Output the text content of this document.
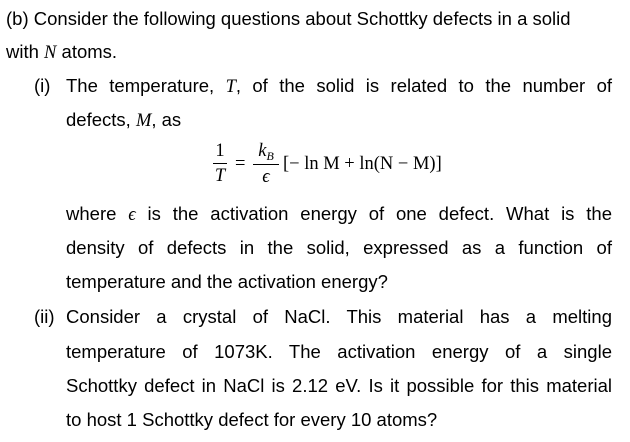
(b) Consider the following questions about Schottky defects in a solid
with N atoms.
(i) The temperature, T, of the solid is related to the number of
defects, M, as
1
T
=
$k_B$
ϵ
[− ln M + ln(N − M)]
where ϵ is the activation energy of one defect. What is the
density of defects in the solid, expressed as a function of
temperature and the activation energy?
(ii) Consider a crystal of NaCl. This material has a melting
temperature of 1073K. The activation energy of a single
Schottky defect in NaCl is 2.12 eV. Is it possible for this material
to host 1 Schottky defect for every 10 atoms?
